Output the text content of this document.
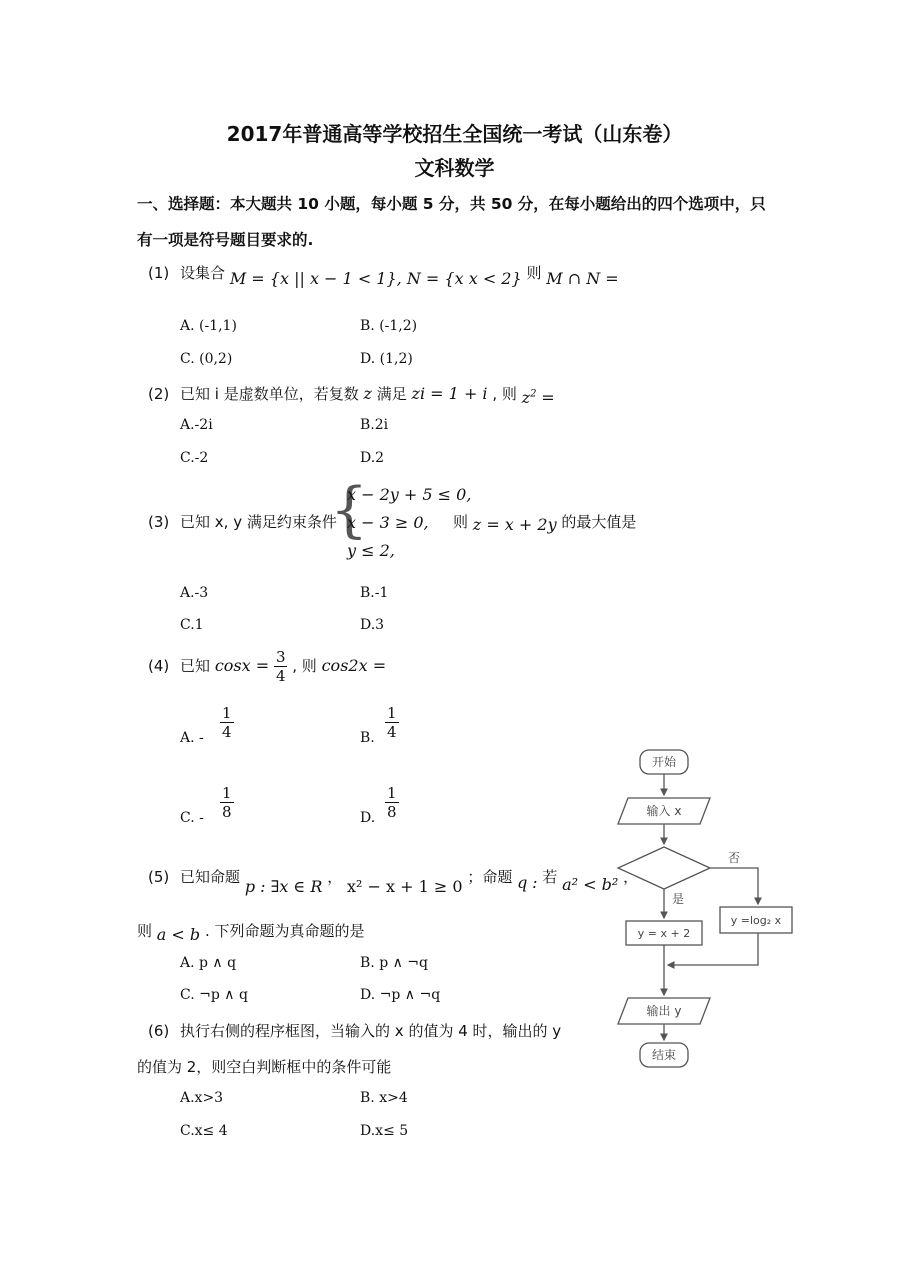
2017年普通高等学校招生全国统一考试（山东卷）
文科数学
一、选择题：本大题共 10 小题，每小题 5 分，共 50 分，在每小题给出的四个选项中，只
有一项是符号题目要求的.
(1) 设集合 M = {x || x − 1 < 1}, N = {x x < 2} 则 M ∩ N =
A. (-1,1)	B. (-1,2)
C. (0,2)	D. (1,2)
(2) 已知 i 是虚数单位，若复数 z 满足 zi = 1 + i , 则 $z^2$ =
A.-2i	B.2i
C.-2	D.2
(3) 已知 x, y 满足约束条件
{
x − 2y + 5 ≤ 0,
x − 3 ≥ 0,
y ≤ 2,
则 z = x + 2y 的最大值是
A.-3	B.-1
C.1	D.3
(4) 已知 $\cos x = \frac{3}{4}$ , 则 cos2x =
A. - $\frac{1}{4}$	B. $\frac{1}{4}$
C. - $\frac{1}{8}$	D. $\frac{1}{8}$
(5) 已知命题 p : ∃x ∈ R ， x² − x + 1 ≥ 0 ；命题 q : 若 a² < b² ，
则 a < b . 下列命题为真命题的是
A. p ∧ q	B. p ∧ ¬q
C. ¬p ∧ q	D. ¬p ∧ ¬q
(6) 执行右侧的程序框图，当输入的 x 的值为 4 时，输出的 y
的值为 2，则空白判断框中的条件可能
A.x>3	B. x>4
C.x≤ 4	D.x≤ 5
开始
输入 x
否
是
y = x + 2
y =log₂ x
输出 y
结束
